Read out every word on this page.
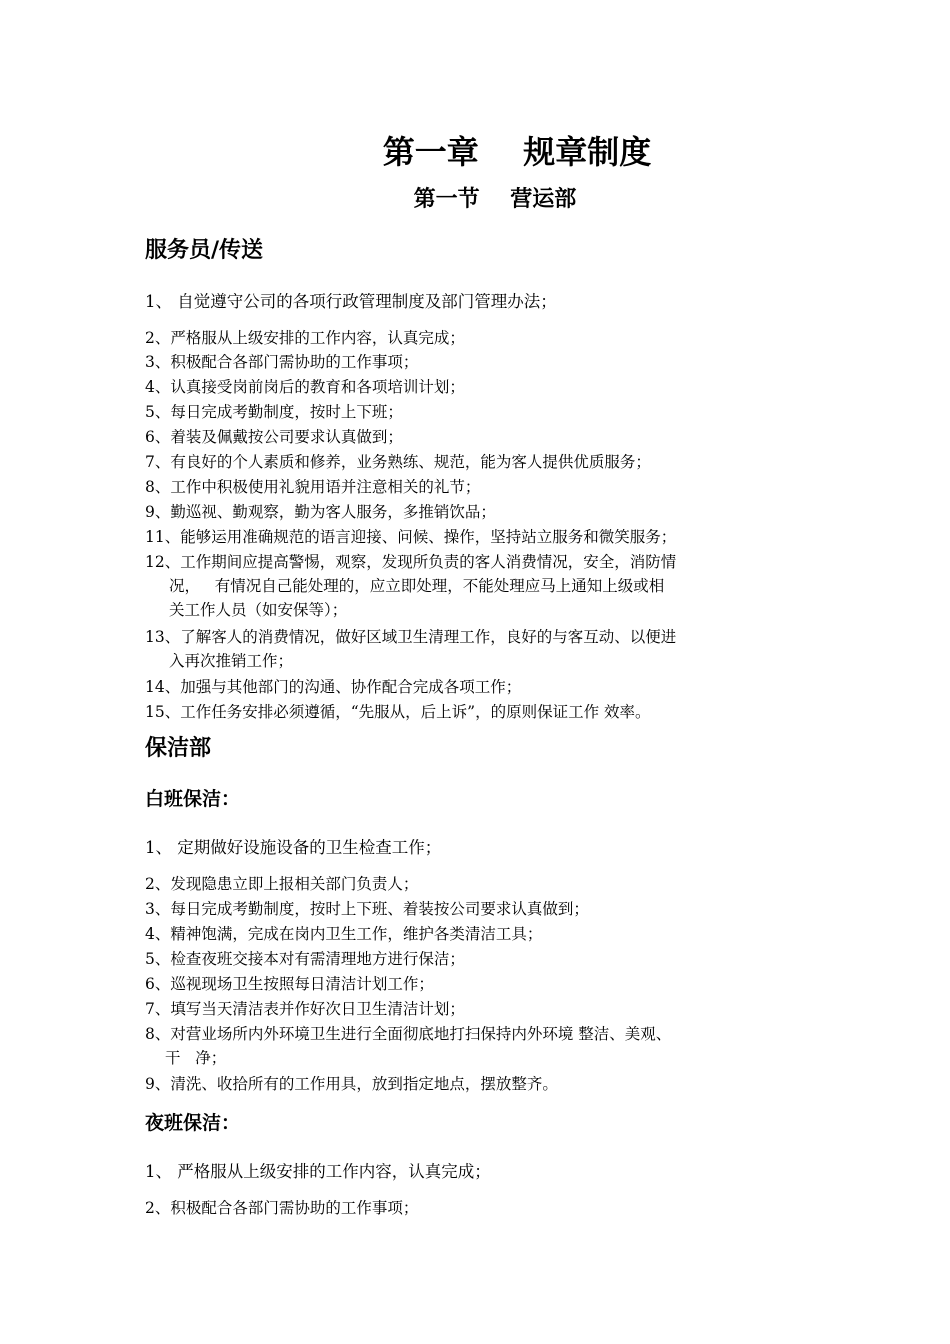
第一章    规章制度
第一节    营运部
服务员/传送

1、 自觉遵守公司的各项行政管理制度及部门管理办法；

2、严格服从上级安排的工作内容，认真完成；

3、积极配合各部门需协助的工作事项；

4、认真接受岗前岗后的教育和各项培训计划；

5、每日完成考勤制度，按时上下班；

6、着装及佩戴按公司要求认真做到；

7、有良好的个人素质和修养，业务熟练、规范，能为客人提供优质服务；

8、工作中积极使用礼貌用语并注意相关的礼节；

9、勤巡视、勤观察，勤为客人服务，多推销饮品；

11、能够运用准确规范的语言迎接、问候、操作，坚持站立服务和微笑服务；

12、工作期间应提高警惕，观察，发现所负责的客人消费情况，安全，消防情
况，   有情况自己能处理的，应立即处理，不能处理应马上通知上级或相
关工作人员（如安保等）；

13、了解客人的消费情况，做好区域卫生清理工作，良好的与客互动、以便进
入再次推销工作；

14、加强与其他部门的沟通、协作配合完成各项工作；

15、工作任务安排必须遵循，“先服从，后上诉”，的原则保证工作 效率。

保洁部
白班保洁：

1、 定期做好设施设备的卫生检查工作；

2、发现隐患立即上报相关部门负责人；

3、每日完成考勤制度，按时上下班、着装按公司要求认真做到；

4、精神饱满，完成在岗内卫生工作，维护各类清洁工具；

5、检查夜班交接本对有需清理地方进行保洁；

6、巡视现场卫生按照每日清洁计划工作；

7、填写当天清洁表并作好次日卫生清洁计划；

8、对营业场所内外环境卫生进行全面彻底地打扫保持内外环境 整洁、美观、
干   净；

9、清洗、收拾所有的工作用具，放到指定地点，摆放整齐。

夜班保洁：

1、 严格服从上级安排的工作内容，认真完成；

2、积极配合各部门需协助的工作事项；
